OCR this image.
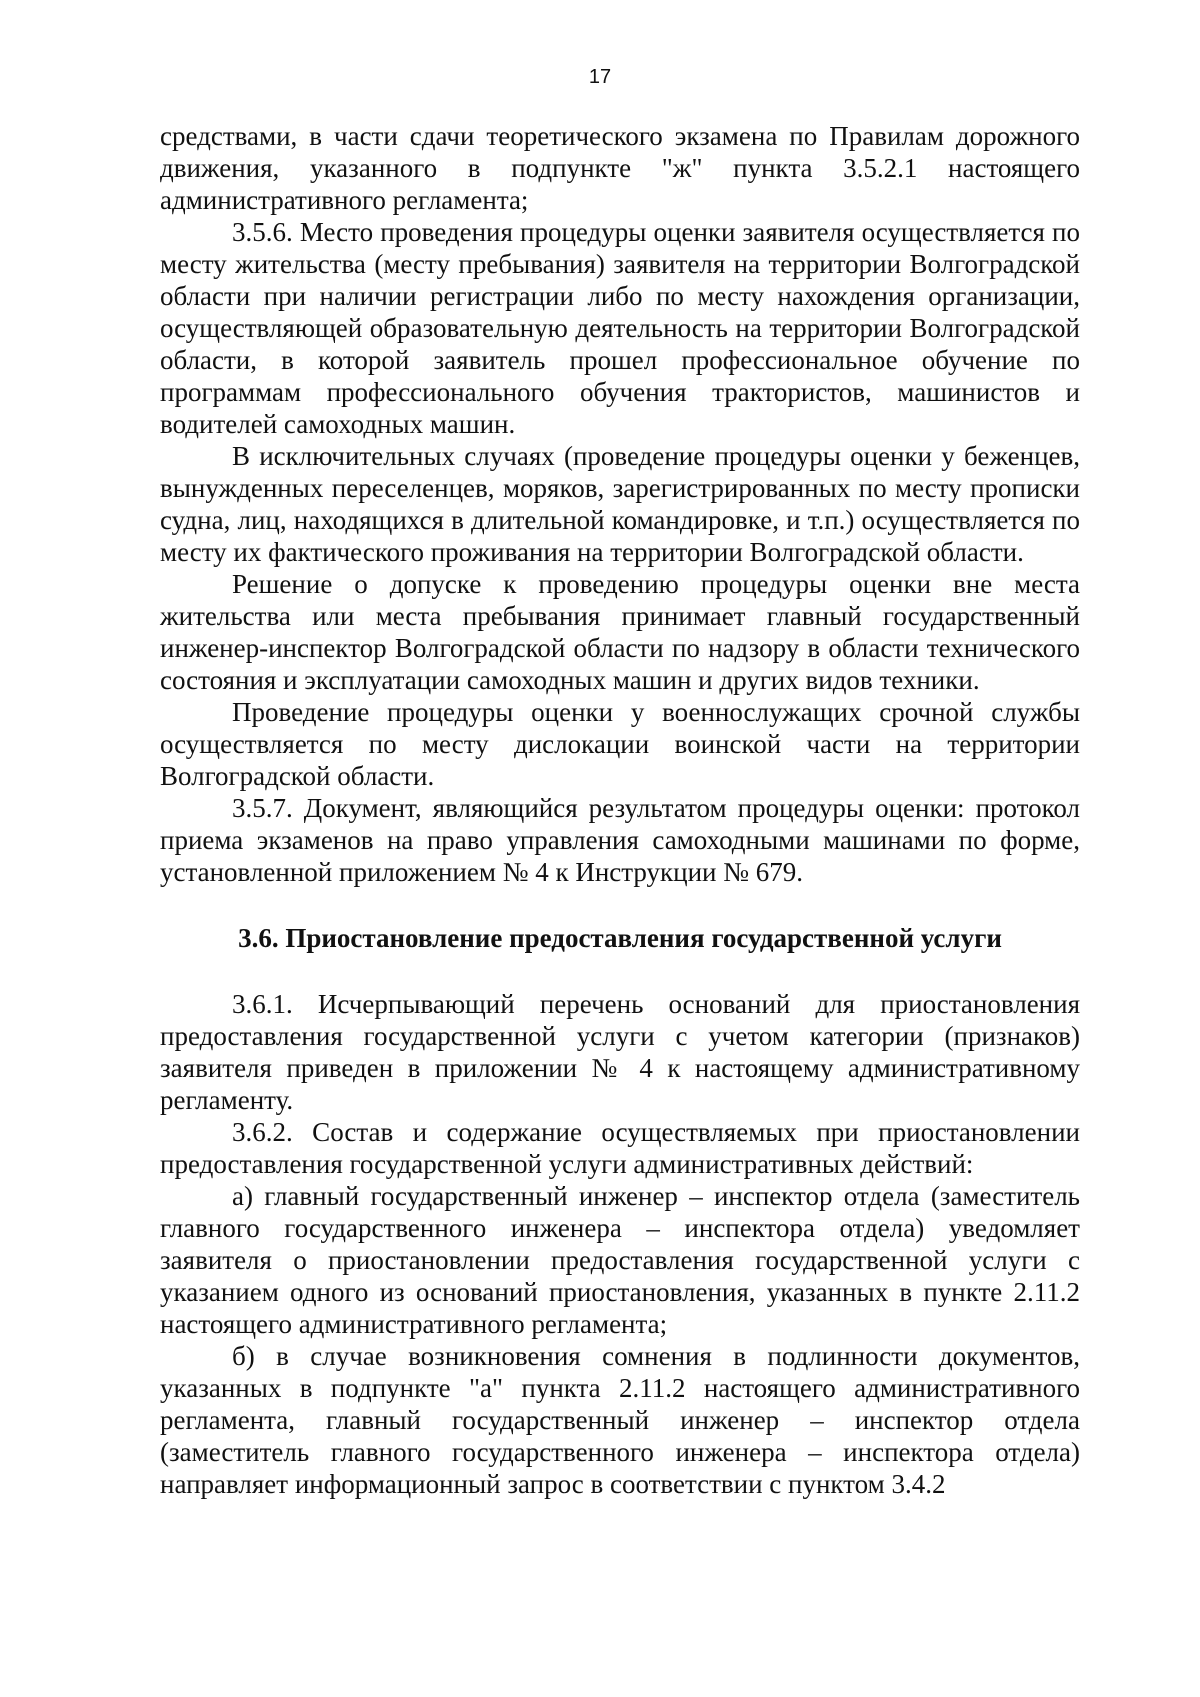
17

средствами, в части сдачи теоретического экзамена по Правилам дорожного движения, указанного в подпункте "ж" пункта 3.5.2.1 настоящего административного регламента;

3.5.6. Место проведения процедуры оценки заявителя осуществляется по месту жительства (месту пребывания) заявителя на территории Волгоградской области при наличии регистрации либо по месту нахождения организации, осуществляющей образовательную деятельность на территории Волгоградской области, в которой заявитель прошел профессиональное обучение по программам профессионального обучения трактористов, машинистов и водителей самоходных машин.

В исключительных случаях (проведение процедуры оценки у беженцев, вынужденных переселенцев, моряков, зарегистрированных по месту прописки судна, лиц, находящихся в длительной командировке, и т.п.) осуществляется по месту их фактического проживания на территории Волгоградской области.

Решение о допуске к проведению процедуры оценки вне места жительства или места пребывания принимает главный государственный инженер-инспектор Волгоградской области по надзору в области технического состояния и эксплуатации самоходных машин и других видов техники.

Проведение процедуры оценки у военнослужащих срочной службы осуществляется по месту дислокации воинской части на территории Волгоградской области.

3.5.7. Документ, являющийся результатом процедуры оценки: протокол приема экзаменов на право управления самоходными машинами по форме, установленной приложением № 4 к Инструкции № 679.

3.6. Приостановление предоставления государственной услуги

3.6.1. Исчерпывающий перечень оснований для приостановления предоставления государственной услуги с учетом категории (признаков) заявителя приведен в приложении № 4 к настоящему административному регламенту.

3.6.2. Состав и содержание осуществляемых при приостановлении предоставления государственной услуги административных действий:

а) главный государственный инженер – инспектор отдела (заместитель главного государственного инженера – инспектора отдела) уведомляет заявителя о приостановлении предоставления государственной услуги с указанием одного из оснований приостановления, указанных в пункте 2.11.2 настоящего административного регламента;

б) в случае возникновения сомнения в подлинности документов, указанных в подпункте "а" пункта 2.11.2 настоящего административного регламента, главный государственный инженер – инспектор отдела (заместитель главного государственного инженера – инспектора отдела) направляет информационный запрос в соответствии с пунктом 3.4.2
